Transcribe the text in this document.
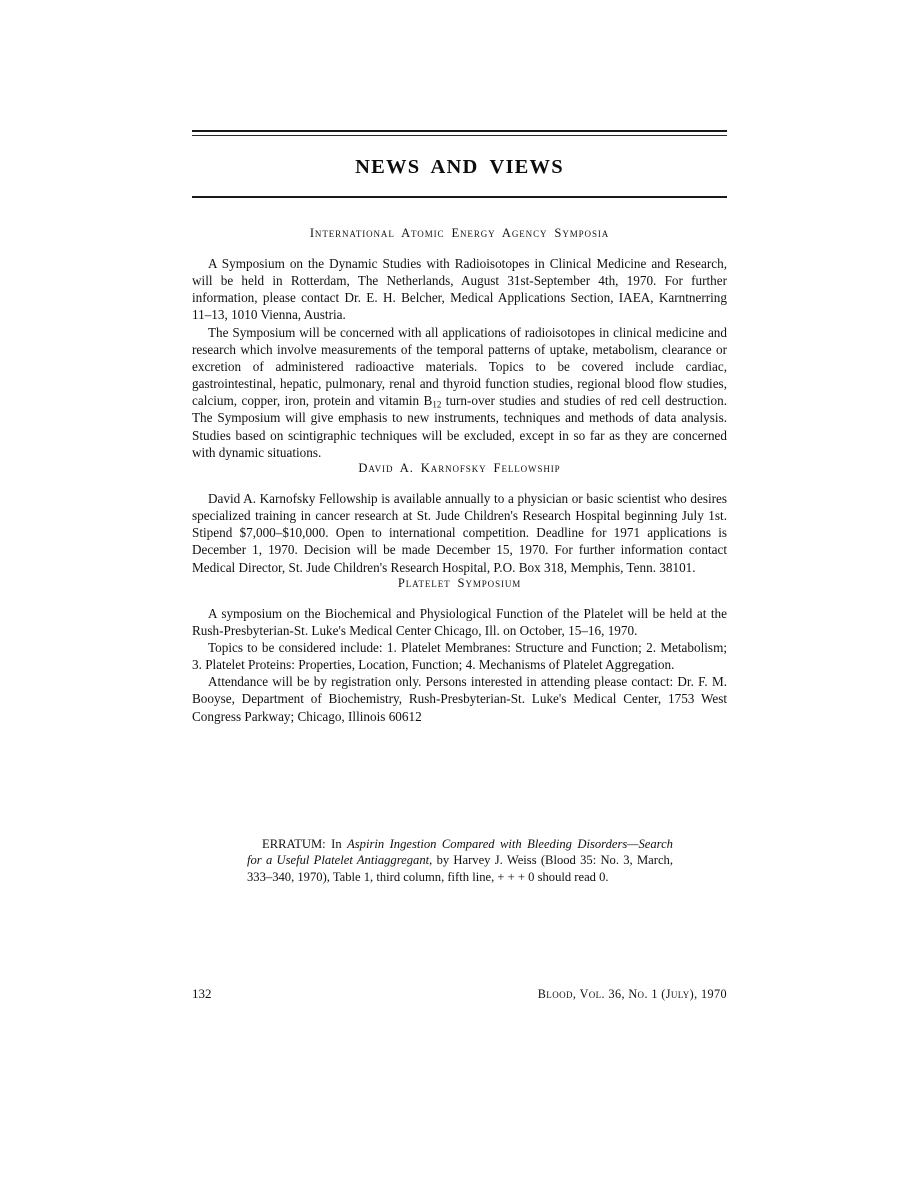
NEWS AND VIEWS
International Atomic Energy Agency Symposia

A Symposium on the Dynamic Studies with Radioisotopes in Clinical Medicine and Research, will be held in Rotterdam, The Netherlands, August 31st-September 4th, 1970. For further information, please contact Dr. E. H. Belcher, Medical Applications Section, IAEA, Karntnerring 11–13, 1010 Vienna, Austria.

The Symposium will be concerned with all applications of radioisotopes in clinical medicine and research which involve measurements of the temporal patterns of uptake, metabolism, clearance or excretion of administered radioactive materials. Topics to be covered include cardiac, gastrointestinal, hepatic, pulmonary, renal and thyroid function studies, regional blood flow studies, calcium, copper, iron, protein and vitamin $B_{12}$ turn-over studies and studies of red cell destruction. The Symposium will give emphasis to new instruments, techniques and methods of data analysis. Studies based on scintigraphic techniques will be excluded, except in so far as they are concerned with dynamic situations.

David A. Karnofsky Fellowship

David A. Karnofsky Fellowship is available annually to a physician or basic scientist who desires specialized training in cancer research at St. Jude Children's Research Hospital beginning July 1st. Stipend $7,000–$10,000. Open to international competition. Deadline for 1971 applications is December 1, 1970. Decision will be made December 15, 1970. For further information contact Medical Director, St. Jude Children's Research Hospital, P.O. Box 318, Memphis, Tenn. 38101.

Platelet Symposium

A symposium on the Biochemical and Physiological Function of the Platelet will be held at the Rush-Presbyterian-St. Luke's Medical Center Chicago, Ill. on October, 15–16, 1970.

Topics to be considered include: 1. Platelet Membranes: Structure and Function; 2. Metabolism; 3. Platelet Proteins: Properties, Location, Function; 4. Mechanisms of Platelet Aggregation.

Attendance will be by registration only. Persons interested in attending please contact: Dr. F. M. Booyse, Department of Biochemistry, Rush-Presbyterian-St. Luke's Medical Center, 1753 West Congress Parkway; Chicago, Illinois 60612

ERRATUM: In Aspirin Ingestion Compared with Bleeding Disorders—Search for a Useful Platelet Antiaggregant, by Harvey J. Weiss (Blood 35: No. 3, March, 333–340, 1970), Table 1, third column, fifth line, + + + 0 should read 0.

132	Blood, Vol. 36, No. 1 (July), 1970
